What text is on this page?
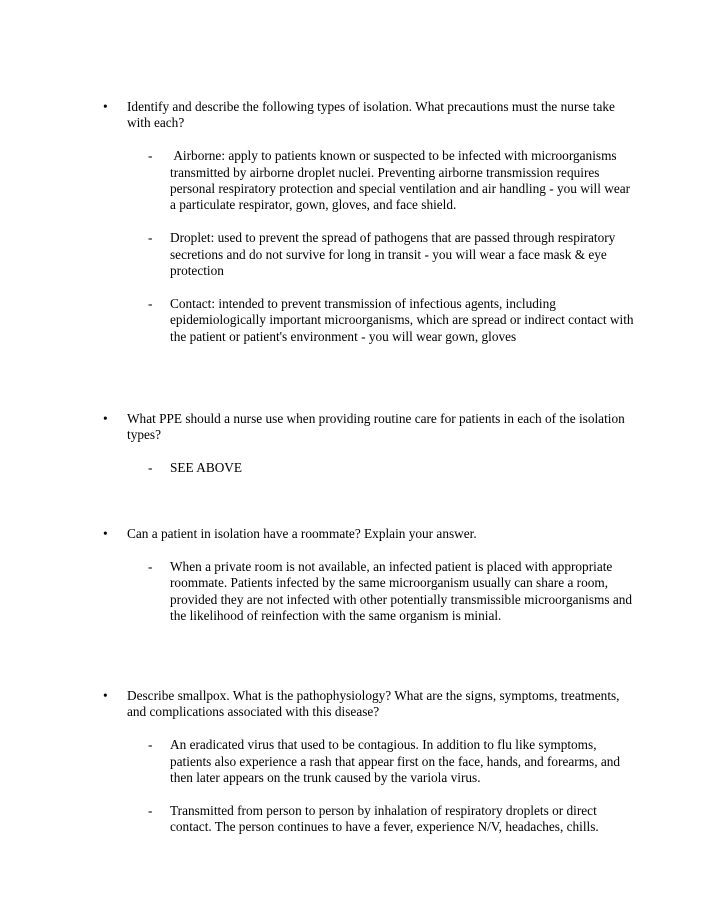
•	Identify and describe the following types of isolation. What precautions must the nurse take with each?
- Airborne: apply to patients known or suspected to be infected with microorganisms transmitted by airborne droplet nuclei. Preventing airborne transmission requires personal respiratory protection and special ventilation and air handling - you will wear a particulate respirator, gown, gloves, and face shield.
- Droplet: used to prevent the spread of pathogens that are passed through respiratory secretions and do not survive for long in transit - you will wear a face mask & eye protection
- Contact: intended to prevent transmission of infectious agents, including epidemiologically important microorganisms, which are spread or indirect contact with the patient or patient's environment - you will wear gown, gloves
•	What PPE should a nurse use when providing routine care for patients in each of the isolation types?
- SEE ABOVE
•	Can a patient in isolation have a roommate? Explain your answer.
- When a private room is not available, an infected patient is placed with appropriate roommate. Patients infected by the same microorganism usually can share a room, provided they are not infected with other potentially transmissible microorganisms and the likelihood of reinfection with the same organism is minial.
•	Describe smallpox. What is the pathophysiology? What are the signs, symptoms, treatments, and complications associated with this disease?
- An eradicated virus that used to be contagious. In addition to flu like symptoms, patients also experience a rash that appear first on the face, hands, and forearms, and then later appears on the trunk caused by the variola virus.
- Transmitted from person to person by inhalation of respiratory droplets or direct contact. The person continues to have a fever, experience N/V, headaches, chills.
